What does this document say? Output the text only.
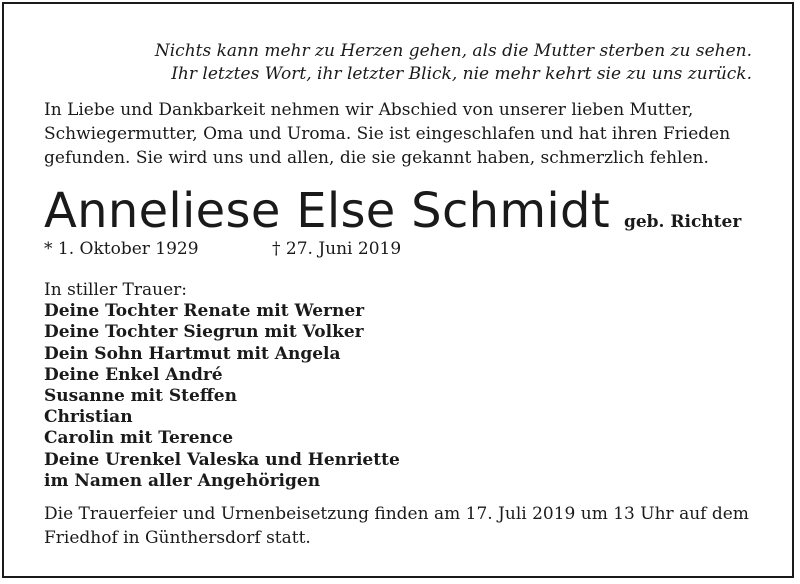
Nichts kann mehr zu Herzen gehen, als die Mutter sterben zu sehen.
Ihr letztes Wort, ihr letzter Blick, nie mehr kehrt sie zu uns zurück.
In Liebe und Dankbarkeit nehmen wir Abschied von unserer lieben Mutter,
Schwiegermutter, Oma und Uroma. Sie ist eingeschlafen und hat ihren Frieden
gefunden. Sie wird uns und allen, die sie gekannt haben, schmerzlich fehlen.
Anneliese Else Schmidt geb. Richter
* 1. Oktober 1929	† 27. Juni 2019
In stiller Trauer:
Deine Tochter Renate mit Werner
Deine Tochter Siegrun mit Volker
Dein Sohn Hartmut mit Angela
Deine Enkel André
Susanne mit Steffen
Christian
Carolin mit Terence
Deine Urenkel Valeska und Henriette
im Namen aller Angehörigen
Die Trauerfeier und Urnenbeisetzung finden am 17. Juli 2019 um 13 Uhr auf dem
Friedhof in Günthersdorf statt.
